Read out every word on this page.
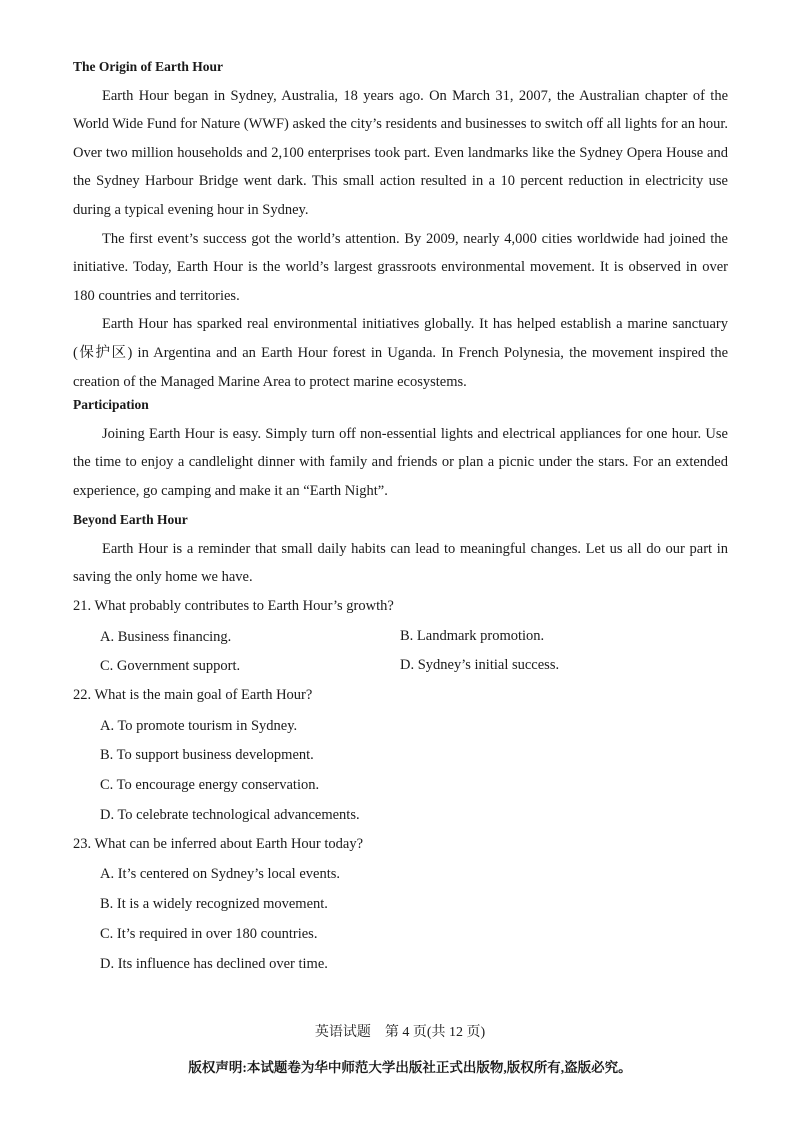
The Origin of Earth Hour

Earth Hour began in Sydney, Australia, 18 years ago. On March 31, 2007, the Australian chapter of the World Wide Fund for Nature (WWF) asked the city’s residents and businesses to switch off all lights for an hour. Over two million households and 2,100 enterprises took part. Even landmarks like the Sydney Opera House and the Sydney Harbour Bridge went dark. This small action resulted in a 10 percent reduction in electricity use during a typical evening hour in Sydney.

The first event’s success got the world’s attention. By 2009, nearly 4,000 cities worldwide had joined the initiative. Today, Earth Hour is the world’s largest grassroots environmental movement. It is observed in over 180 countries and territories.

Earth Hour has sparked real environmental initiatives globally. It has helped establish a marine sanctuary (保护区) in Argentina and an Earth Hour forest in Uganda. In French Polynesia, the movement inspired the creation of the Managed Marine Area to protect marine ecosystems.

Participation

Joining Earth Hour is easy. Simply turn off non-essential lights and electrical appliances for one hour. Use the time to enjoy a candlelight dinner with family and friends or plan a picnic under the stars. For an extended experience, go camping and make it an “Earth Night”.

Beyond Earth Hour

Earth Hour is a reminder that small daily habits can lead to meaningful changes. Let us all do our part in saving the only home we have.

21. What probably contributes to Earth Hour’s growth?
A. Business financing.	B. Landmark promotion.
C. Government support.	D. Sydney’s initial success.
22. What is the main goal of Earth Hour?
A. To promote tourism in Sydney.
B. To support business development.
C. To encourage energy conservation.
D. To celebrate technological advancements.
23. What can be inferred about Earth Hour today?
A. It’s centered on Sydney’s local events.
B. It is a widely recognized movement.
C. It’s required in over 180 countries.
D. Its influence has declined over time.
英语试题　第 4 页(共 12 页)
版权声明:本试题卷为华中师范大学出版社正式出版物,版权所有,盗版必究。
